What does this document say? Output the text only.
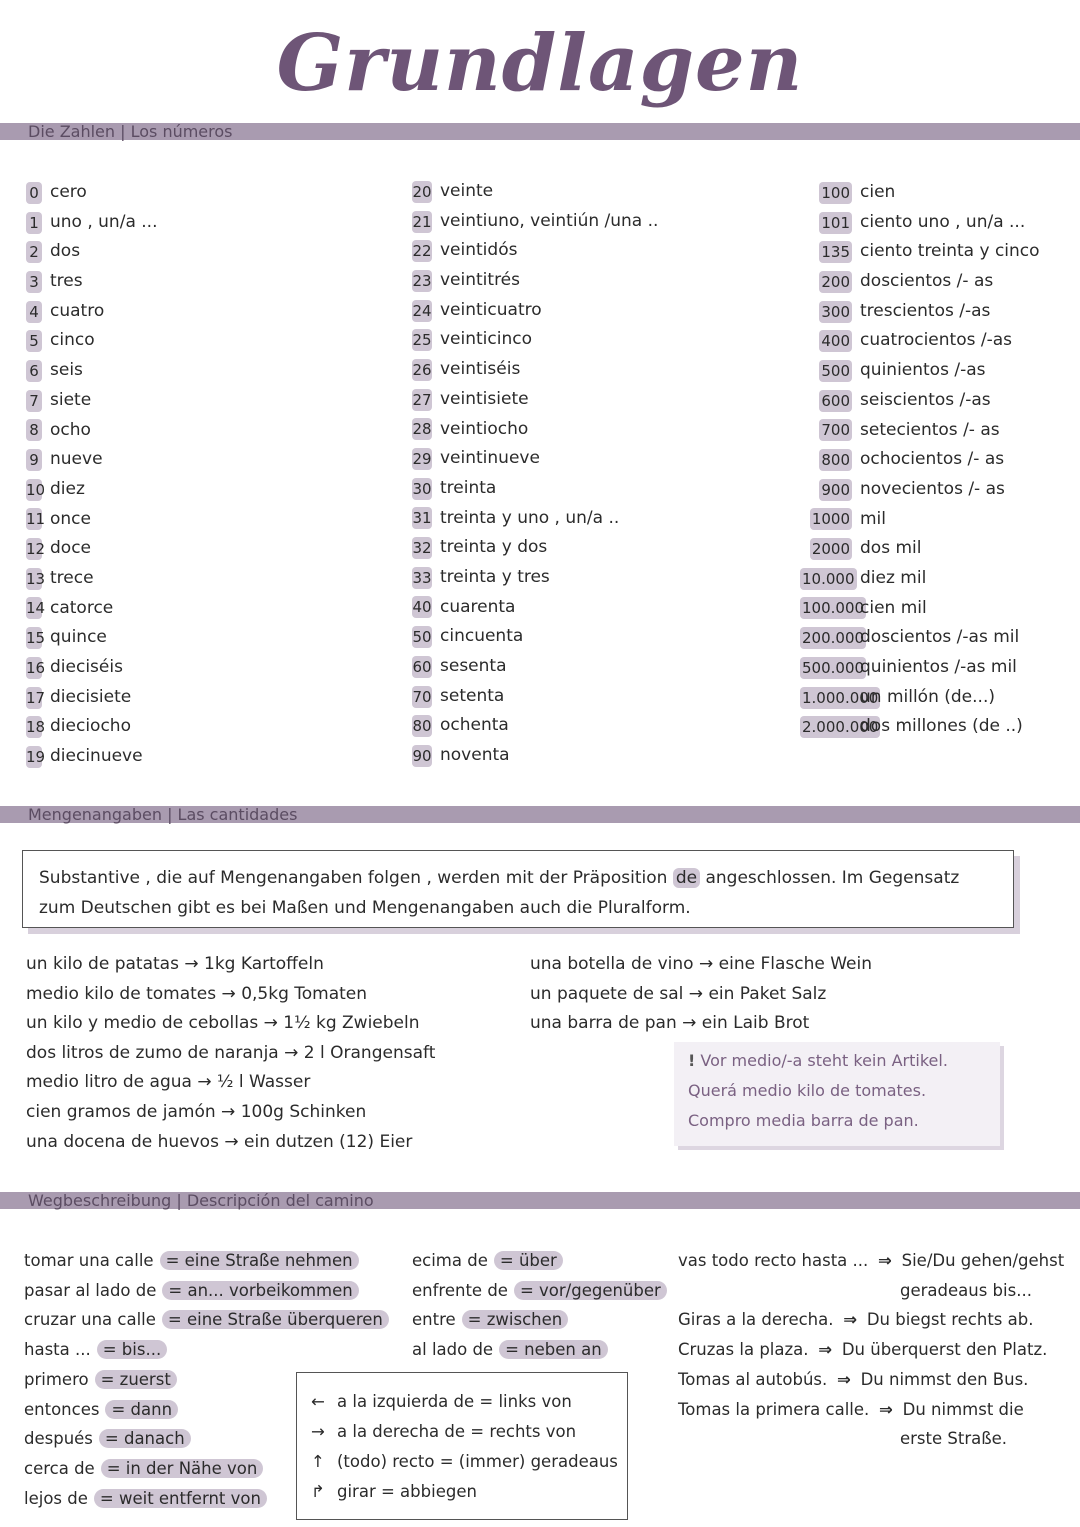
Grundlagen
Die Zahlen | Los números
Mengenangaben | Las cantidades
Wegbeschreibung | Descripción del camino
0 cero
1 uno , un/a ...
2 dos
3 tres
4 cuatro
5 cinco
6 seis
7 siete
8 ocho
9 nueve
10 diez
11 once
12 doce
13 trece
14 catorce
15 quince
16 dieciséis
17 diecisiete
18 dieciocho
19 diecinueve
20 veinte
21 veintiuno, veintiún /una ..
22 veintidós
23 veintitrés
24 veinticuatro
25 veinticinco
26 veintiséis
27 veintisiete
28 veintiocho
29 veintinueve
30 treinta
31 treinta y uno , un/a ..
32 treinta y dos
33 treinta y tres
40 cuarenta
50 cincuenta
60 sesenta
70 setenta
80 ochenta
90 noventa
100 cien
101 ciento uno , un/a ...
135 ciento treinta y cinco
200 doscientos /- as
300 trescientos /-as
400 cuatrocientos /-as
500 quinientos /-as
600 seiscientos /-as
700 setecientos /- as
800 ochocientos /- as
900 novecientos /- as
1000 mil
2000 dos mil
10.000 diez mil
100.000cien mil
200.000doscientos /-as mil
500.000quinientos /-as mil
1.000.000un millón (de...)
2.000.000dos millones (de ..)

Substantive , die auf Mengenangaben folgen , werden mit der Präposition de angeschlossen. Im Gegensatz zum Deutschen gibt es bei Maßen und Mengenangaben auch die Pluralform.

un kilo de patatas → 1kg Kartoffeln
medio kilo de tomates → 0,5kg Tomaten
un kilo y medio de cebollas → 1½ kg Zwiebeln
dos litros de zumo de naranja → 2 l Orangensaft
medio litro de agua → ½ l Wasser
cien gramos de jamón → 100g Schinken
una docena de huevos → ein dutzen (12) Eier
una botella de vino → eine Flasche Wein
un paquete de sal → ein Paket Salz
una barra de pan → ein Laib Brot
! Vor medio/-a steht kein Artikel.
Querá medio kilo de tomates.
Compro media barra de pan.
tomar una calle = eine Straße nehmen
pasar al lado de = an... vorbeikommen
cruzar una calle = eine Straße überqueren
hasta ... = bis...
primero = zuerst
entonces = dann
después = danach
cerca de = in der Nähe von
lejos de = weit entfernt von
ecima de = über
enfrente de = vor/gegenüber
entre = zwischen
al lado de = neben an
← a la izquierda de = links von
→ a la derecha de = rechts von
↑ (todo) recto = (immer) geradeaus
↱ girar = abbiegen
vas todo recto hasta ... ⇒ Sie/Du gehen/gehst
geradeaus bis...
Giras a la derecha. ⇒ Du biegst rechts ab.
Cruzas la plaza. ⇒ Du überquerst den Platz.
Tomas al autobús. ⇒ Du nimmst den Bus.
Tomas la primera calle. ⇒ Du nimmst die
erste Straße.
